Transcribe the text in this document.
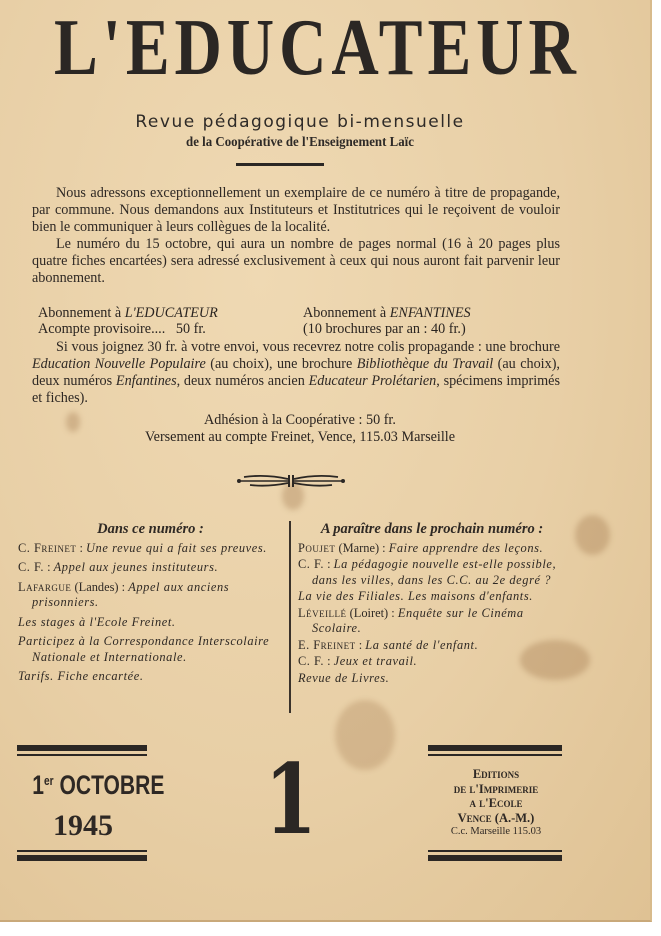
L'EDUCATEUR
Revue pédagogique bi-mensuelle
de la Coopérative de l'Enseignement Laïc

Nous adressons exceptionnellement un exemplaire de ce numéro à titre de propagande, par commune. Nous demandons aux Instituteurs et Institutrices qui le reçoivent de vouloir bien le communiquer à leurs collègues de la localité.

Le numéro du 15 octobre, qui aura un nombre de pages normal (16 à 20 pages plus quatre fiches encartées) sera adressé exclusivement à ceux qui nous auront fait parvenir leur abonnement.

Abonnement à L'EDUCATEUR
Acompte provisoire.... 50 fr.
Abonnement à ENFANTINES
(10 brochures par an : 40 fr.)

Si vous joignez 30 fr. à votre envoi, vous recevrez notre colis propagande : une brochure Education Nouvelle Populaire (au choix), une brochure Bibliothèque du Travail (au choix), deux numéros Enfantines, deux numéros ancien Educateur Prolétarien, spécimens imprimés et fiches).

Adhésion à la Coopérative : 50 fr.
Versement au compte Freinet, Vence, 115.03 Marseille
Dans ce numéro :
C. Freinet : Une revue qui a fait ses preuves.
C. F. : Appel aux jeunes instituteurs.
Lafargue (Landes) : Appel aux anciens prisonniers.
Les stages à l'Ecole Freinet.
Participez à la Correspondance Interscolaire Nationale et Internationale.
Tarifs. Fiche encartée.
A paraître dans le prochain numéro :
Poujet (Marne) : Faire apprendre des leçons.
C. F. : La pédagogie nouvelle est-elle possible, dans les villes, dans les C.C. au 2e degré ?
La vie des Filiales. Les maisons d'enfants.
Léveillé (Loiret) : Enquête sur le Cinéma Scolaire.
E. Freinet : La santé de l'enfant.
C. F. : Jeux et travail.
Revue de Livres.
1er OCTOBRE
1945	1	Editions
de l'Imprimerie
a l'Ecole
Vence (A.-M.)
C.c. Marseille 115.03
